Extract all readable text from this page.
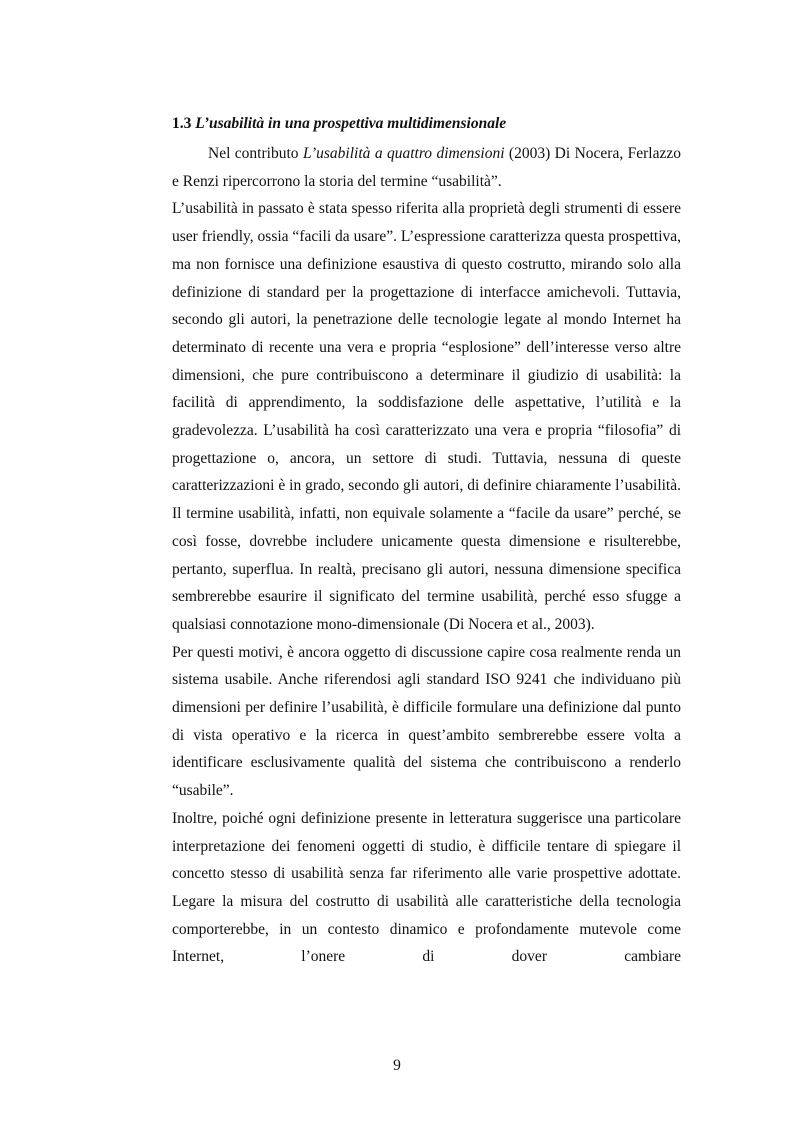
1.3 L’usabilità in una prospettiva multidimensionale

Nel contributo L’usabilità a quattro dimensioni (2003) Di Nocera, Ferlazzo e Renzi ripercorrono la storia del termine “usabilità”.

L’usabilità in passato è stata spesso riferita alla proprietà degli strumenti di essere user friendly, ossia “facili da usare”. L’espressione caratterizza questa prospettiva, ma non fornisce una definizione esaustiva di questo costrutto, mirando solo alla definizione di standard per la progettazione di interfacce amichevoli. Tuttavia, secondo gli autori, la penetrazione delle tecnologie legate al mondo Internet ha determinato di recente una vera e propria “esplosione” dell’interesse verso altre dimensioni, che pure contribuiscono a determinare il giudizio di usabilità: la facilità di apprendimento, la soddisfazione delle aspettative, l’utilità e la gradevolezza. L’usabilità ha così caratterizzato una vera e propria “filosofia” di progettazione o, ancora, un settore di studi. Tuttavia, nessuna di queste caratterizzazioni è in grado, secondo gli autori, di definire chiaramente l’usabilità. Il termine usabilità, infatti, non equivale solamente a “facile da usare” perché, se così fosse, dovrebbe includere unicamente questa dimensione e risulterebbe, pertanto, superflua. In realtà, precisano gli autori, nessuna dimensione specifica sembrerebbe esaurire il significato del termine usabilità, perché esso sfugge a qualsiasi connotazione mono-dimensionale (Di Nocera et al., 2003).

Per questi motivi, è ancora oggetto di discussione capire cosa realmente renda un sistema usabile. Anche riferendosi agli standard ISO 9241 che individuano più dimensioni per definire l’usabilità, è difficile formulare una definizione dal punto di vista operativo e la ricerca in quest’ambito sembrerebbe essere volta a identificare esclusivamente qualità del sistema che contribuiscono a renderlo “usabile”.

Inoltre, poiché ogni definizione presente in letteratura suggerisce una particolare interpretazione dei fenomeni oggetti di studio, è difficile tentare di spiegare il concetto stesso di usabilità senza far riferimento alle varie prospettive adottate. Legare la misura del costrutto di usabilità alle caratteristiche della tecnologia comporterebbe, in un contesto dinamico e profondamente mutevole come Internet, l’onere di dover cambiare

9
